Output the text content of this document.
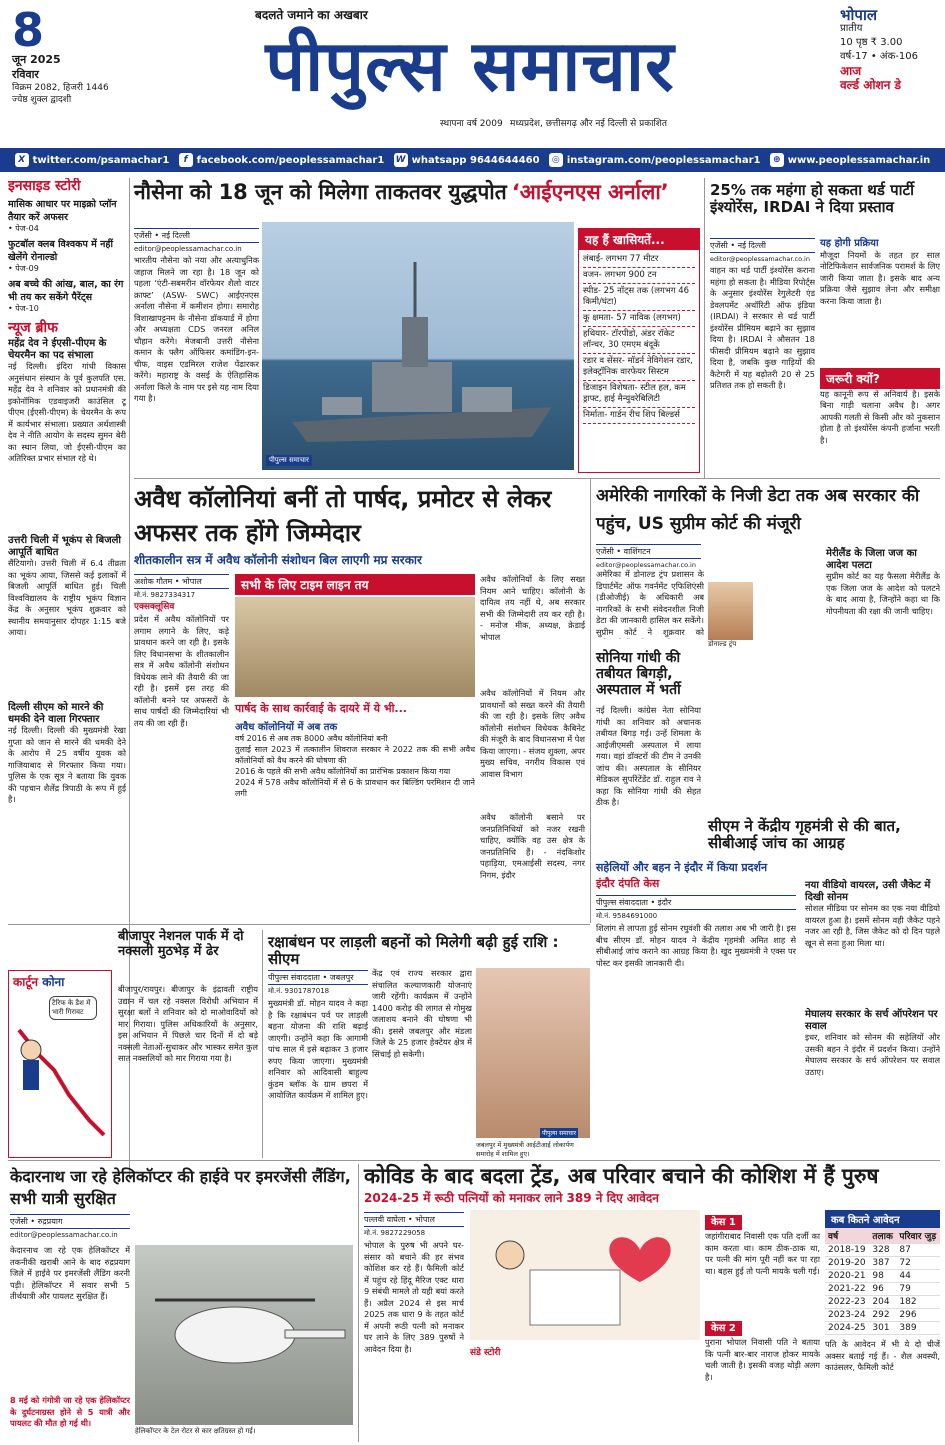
8
जून 2025
रविवार
विक्रम 2082, हिजरी 1446
ज्येष्ठ शुक्ल द्वादशी
बदलते जमाने का अखबार
पीपुल्स समाचार
स्थापना वर्ष 2009 मध्यप्रदेश, छत्तीसगढ़ और नई दिल्ली से प्रकाशित
भोपाल
प्रातीय
10 पृष्ठ ₹ 3.00
वर्ष-17 • अंक-106
आज
वर्ल्ड ओशन डे
X twitter.com/psamachar1	f facebook.com/peoplessamachar1 W whatsapp 9644644460	◎ instagram.com/peoplessamachar1	⊕ www.peoplessamachar.in
इनसाइड स्टोरी
मासिक आधार पर माइक्रो प्लॉन तैयार करें अफसर
• पेज-04
फुटबॉल क्लब विश्वकप में नहीं खेलेंगे रोनाल्डो
• पेज-09
अब बच्चे की आंख, बाल, का रंग भी तय कर सकेंगे पैरेंट्स
• पेज-10
न्यूज ब्रीफ
महेंद्र देव ने ईएसी-पीएम के चेयरमैन का पद संभाला
नई दिल्ली। इंदिरा गांधी विकास अनुसंधान संस्थान के पूर्व कुलपति एस. महेंद्र देव ने शनिवार को प्रधानमंत्री की इकोनॉमिक एडवाइजरी काउंसिल टू पीएम (ईएसी-पीएम) के चेयरमैन के रूप में कार्यभार संभाला। प्रख्यात अर्थशास्त्री देव ने नीति आयोग के सदस्य सुमन बेरी का स्थान लिया, जो ईएसी-पीएम का अतिरिक्त प्रभार संभाल रहे थे।
उत्तरी चिली में भूकंप से बिजली आपूर्ति बाधित
सैंटियागो। उत्तरी चिली में 6.4 तीव्रता का भूकंप आया, जिससे कई इलाकों में बिजली आपूर्ति बाधित हुई। चिली विश्वविद्यालय के राष्ट्रीय भूकंप विज्ञान केंद्र के अनुसार भूकंप शुक्रवार को स्थानीय समयानुसार दोपहर 1:15 बजे आया।
दिल्ली सीएम को मारने की धमकी देने वाला गिरफ्तार
नई दिल्ली। दिल्ली की मुख्यमंत्री रेखा गुप्ता को जान से मारने की धमकी देने के आरोप में 25 वर्षीय युवक को गाजियाबाद से गिरफ्तार किया गया। पुलिस के एक सूत्र ने बताया कि युवक की पहचान शैलेंद्र त्रिपाठी के रूप में हुई है।
नौसेना को 18 जून को मिलेगा ताकतवर युद्धपोत ‘आईएनएस अर्नाला’
एजेंसी • नई दिल्ली
editor@peoplessamachar.co.in
भारतीय नौसेना को नया और अत्याधुनिक जहाज मिलने जा रहा है। 18 जून को पहला ‘एंटी-सबमरीन वॉरफेयर शैलो वाटर क्राफ्ट’ (ASW- SWC) आईएनएस अर्नाला नौसेना में कमीशन होगा। समारोह विशाखापट्टनम के नौसेना डॉकयार्ड में होगा और अध्यक्षता CDS जनरल अनिल चौहान करेंगे। मेजबानी उत्तरी नौसेना कमान के फ्लैग ऑफिसर कमांडिंग-इन-चीफ, वाइस एडमिरल राजेश पेंढारकर करेंगे। महाराष्ट्र के वसई के ऐतिहासिक अर्नाला किले के नाम पर इसे यह नाम दिया गया है।
पीपुल्स समाचार
यह हैं खासियतें...
लंबाई- लगभग 77 मीटर
वजन- लगभग 900 टन
स्पीड- 25 नॉट्स तक (लगभग 46 किमी/घंटा)
कू क्षमता- 57 नाविक (लगभग)
हथियार- टॉरपीडो, अंडर रॉकेट लॉन्चर, 30 एमएम बंदूकें
रडार व सेंसर- मॉडर्न नेविगेशन रडार, इलेक्ट्रॉनिक वारफेयर सिस्टम
डिजाइन विशेषता- स्टील हल, कम ड्राफ्ट, हाई मैन्युवरेबिलिटी
निर्माता- गार्डन रीच शिप बिल्डर्स
25% तक महंगा हो सकता थर्ड पार्टी इंश्योरेंस, IRDAI ने दिया प्रस्ताव
एजेंसी • नई दिल्ली
editor@peoplessamachar.co.in
वाहन का थर्ड पार्टी इंश्योरेंस कराना महंगा हो सकता है। मीडिया रिपोर्ट्स के अनुसार इंश्योरेंस रेगुलेटरी एंड डेवलपमेंट अथॉरिटी ऑफ इंडिया (IRDAI) ने सरकार से थर्ड पार्टी इंश्योरेंस प्रीमियम बढ़ाने का सुझाव दिया है। IRDAI ने औसतन 18 फीसदी प्रीमियम बढ़ाने का सुझाव दिया है, जबकि कुछ गाड़ियों की कैटेगरी में यह बढ़ोतरी 20 से 25 प्रतिशत तक हो सकती है।
यह होगी प्रक्रिया
मौजूदा नियमों के तहत हर साल नोटिफिकेशन सार्वजनिक परामर्श के लिए जारी किया जाता है। इसके बाद अन्य प्रक्रिया जैसे सुझाव लेना और समीक्षा करना किया जाता है।
जरूरी क्यों?
यह कानूनी रूप से अनिवार्य है। इसके बिना गाड़ी चलाना अवैध है। अगर आपकी गलती से किसी और को नुकसान होता है तो इंश्योरेंस कंपनी हर्जाना भरती है।
अवैध कॉलोनियां बनीं तो पार्षद, प्रमोटर से लेकर अफसर तक होंगे जिम्मेदार
शीतकालीन सत्र में अवैध कॉलोनी संशोधन बिल लाएगी मप्र सरकार
अशोक गौतम • भोपाल
मो.नं. 9827334317
एक्सक्लूसिव
प्रदेश में अवैध कॉलोनियों पर लगाम लगाने के लिए, कड़े प्रावधान करने जा रही है। इसके लिए विधानसभा के शीतकालीन सत्र में अवैध कॉलोनी संशोधन विधेयक लाने की तैयारी की जा रही है। इसमें इस तरह की कॉलोनी बनने पर अफसरों के साथ पार्षदों की जिम्मेदारियां भी तय की जा रही हैं।
सभी के लिए टाइम लाइन तय
पार्षद के साथ कार्रवाई के दायरे में ये भी...
अवैध कॉलोनियों में अब तक
वर्ष 2016 से अब तक 8000 अवैध कॉलोनियां बनी
तुलाई साल 2023 में तत्कालीन शिवराज सरकार ने 2022 तक की सभी अवैध कॉलोनियों को वैध करने की घोषणा की
2016 के पहले की सभी अवैध कॉलोनियों का प्रारंभिक प्रकाशन किया गया
2024 में 578 अवैध कॉलोनियों में से 6 के प्रावधान कर बिल्डिंग परमिशन दी जाने लगी
अवैध कॉलोनियों के लिए सख्त नियम आने चाहिए। कॉलोनी के दायित्व तय नहीं थे, अब सरकार सभी की जिम्मेदारी तय कर रही है। - मनोज मीक, अध्यक्ष, क्रेडाई भोपाल
अवैध कॉलोनियों में नियम और प्रावधानों को सख्त करने की तैयारी की जा रही है। इसके लिए अवैध कॉलोनी संशोधन विधेयक कैबिनेट की मंजूरी के बाद विधानसभा में पेश किया जाएगा। - संजय शुक्ला, अपर मुख्य सचिव, नगरीय विकास एवं आवास विभाग
अवैध कॉलोनी बसाने पर जनप्रतिनिधियों को नजर रखनी चाहिए, क्योंकि वह उस क्षेत्र के जनप्रतिनिधि हैं। - नंदकिशोर पहाड़िया, एमआईसी सदस्य, नगर निगम, इंदौर
अमेरिकी नागरिकों के निजी डेटा तक अब सरकार की पहुंच, US सुप्रीम कोर्ट की मंजूरी
एजेंसी • वाशिंगटन
editor@peoplessamachar.co.in
अमेरिका में डोनाल्ड ट्रंप प्रशासन के डिपार्टमेंट ऑफ गवर्नमेंट एफिशिएंसी (डीओजीई) के अधिकारी अब नागरिकों के सभी संवेदनशील निजी डेटा की जानकारी हासिल कर सकेंगे। सुप्रीम कोर्ट ने शुक्रवार को
डोनाल्ड ट्रंप
मेरीलैंड के जिला जज का आदेश पलटा
सुप्रीम कोर्ट का यह फैसला मेरीलैंड के एक जिला जज के आदेश को पलटने के बाद आया है, जिन्होंने कहा था कि गोपनीयता की रक्षा की जानी चाहिए।
सोनिया गांधी की तबीयत बिगड़ी, अस्पताल में भर्ती
नई दिल्ली। कांग्रेस नेता सोनिया गांधी का शनिवार को अचानक तबीयत बिगड़ गई। उन्हें शिमला के आईजीएमसी अस्पताल में लाया गया। वहां डॉक्टरों की टीम ने उनकी जांच की। अस्पताल के सीनियर मेडिकल सुपरिंटेंडेंट डॉ. राहुल राव ने कहा कि सोनिया गांधी की सेहत ठीक है।
सीएम ने केंद्रीय गृहमंत्री से की बात, सीबीआई जांच का आग्रह
सहेलियों और बहन ने इंदौर में किया प्रदर्शन
इंदौर दंपति केस
पीपुल्स संवाददाता • इंदौर
मो.नं. 9584691000
शिलांग से लापता हुई सोनम रघुवंशी की तलाश अब भी जारी है। इस बीच सीएम डॉ. मोहन यादव ने केंद्रीय गृहमंत्री अमित शाह से सीबीआई जांच कराने का आग्रह किया है। खुद मुख्यमंत्री ने एक्स पर पोस्ट कर इसकी जानकारी दी।
नया वीडियो वायरल, उसी जैकेट में दिखी सोनम
सोशल मीडिया पर सोनम का एक नया वीडियो वायरल हुआ है। इसमें सोनम वही जैकेट पहने नजर आ रही है, जिस जैकेट को दो दिन पहले खून से सना हुआ मिला था।
मेघालय सरकार के सर्च ऑपरेशन पर सवाल
इधर, शनिवार को सोनम की सहेलियों और उसकी बहन ने इंदौर में प्रदर्शन किया। उन्होंने मेघालय सरकार के सर्च ऑपरेशन पर सवाल उठाए।
बीजापुर नेशनल पार्क में दो नक्सली मुठभेड़ में ढेर
बीजापुर/रायपुर। बीजापुर के इंद्रावती राष्ट्रीय उद्यान में चल रहे नक्सल विरोधी अभियान में सुरक्षा बलों ने शनिवार को दो माओवादियों को मार गिराया। पुलिस अधिकारियों के अनुसार, इस अभियान में पिछले चार दिनों में दो बड़े नक्सली नेताओं-सुधाकर और भास्कर समेत कुल सात नक्सलियों को मार गिराया गया है।
कार्टून कोना
टैरिफ के डैश में भारी गिरावट
रक्षाबंधन पर लाड़ली बहनों को मिलेगी बढ़ी हुई राशि : सीएम
पीपुल्स संवाददाता • जबलपुर
मो.नं. 9301787018
मुख्यमंत्री डॉ. मोहन यादव ने कहा है कि रक्षाबंधन पर्व पर लाड़ली बहना योजना की राशि बढ़ाई जाएगी। उन्होंने कहा कि आगामी पांच साल में इसे बढ़ाकर 3 हजार रुपए किया जाएगा। मुख्यमंत्री शनिवार को आदिवासी बाहुल्य कुंडम ब्लॉक के ग्राम छपरा में आयोजित कार्यक्रम में शामिल हुए।
केंद्र एवं राज्य सरकार द्वारा संचालित कल्याणकारी योजनाएं जारी रहेंगी। कार्यक्रम में उन्होंने 1400 करोड़ की लागत से गोमुख जलाशय बनाने की घोषणा भी की। इससे जबलपुर और मंडला जिले के 25 हजार हेक्टेयर क्षेत्र में सिंचाई हो सकेगी।
जबलपुर में मुख्यमंत्री आईटीआई लोकार्पण समारोह में शामिल हुए।
पीपुल्स समाचार
केदारनाथ जा रहे हेलिकॉप्टर की हाईवे पर इमरजेंसी लैंडिंग, सभी यात्री सुरक्षित
एजेंसी • रुद्रप्रयाग
editor@peoplessamachar.co.in
केदारनाथ जा रहे एक हेलिकॉप्टर में तकनीकी खराबी आने के बाद रुद्रप्रयाग जिले में हाईवे पर इमरजेंसी लैंडिंग करनी पड़ी। हेलिकॉप्टर में सवार सभी 5 तीर्थयात्री और पायलट सुरक्षित हैं।
8 मई को गंगोत्री जा रहे एक हेलिकॉप्टर के दुर्घटनाग्रस्त होने से 5 यात्री और पायलट की मौत हो गई थी।
हेलिकॉप्टर के टेल रोटर से कार क्षतिग्रस्त हो गई।
कोविड के बाद बदला ट्रेंड, अब परिवार बचाने की कोशिश में हैं पुरुष
2024-25 में रूठी पत्नियों को मनाकर लाने 389 ने दिए आवेदन
पल्लवी वाघेला • भोपाल
मो.नं. 9827229058
भोपाल के पुरुष भी अपने घर-संसार को बचाने की हर संभव कोशिश कर रहे हैं। फैमिली कोर्ट में पहुंच रहे हिंदू मैरिज एक्ट धारा 9 संबंधी मामले तो यही बयां करते हैं। अप्रैल 2024 से इस मार्च 2025 तक धारा 9 के तहत कोर्ट में अपनी रूठी पत्नी को मनाकर घर लाने के लिए 389 पुरुषों ने आवेदन दिया है।	संडे स्टोरी
केस 1
जहांगीराबाद निवासी एक पति दर्जी का काम करता था। काम ठीक-ठाक था, पर पत्नी की मांग पूरी नहीं कर पा रहा था। बहस हुई तो पत्नी मायके चली गई।
केस 2
पुराना भोपाल निवासी पति ने बताया कि पत्नी बार-बार नाराज होकर मायके चली जाती है। इसकी वजह थोड़ी अलग है।
कब कितने आवेदन
वर्ष	तलाक	परिवार जुड़
2018-19	328	87
2019-20	387	72
2020-21	98	44
2021-22	96	79
2022-23	204	182
2023-24	292	296
2024-25	301	389
पति के आवेदन में भी ये दो चीजें अक्सर बताई गई हैं। - शैल अवस्थी, काउंसलर, फैमिली कोर्ट
